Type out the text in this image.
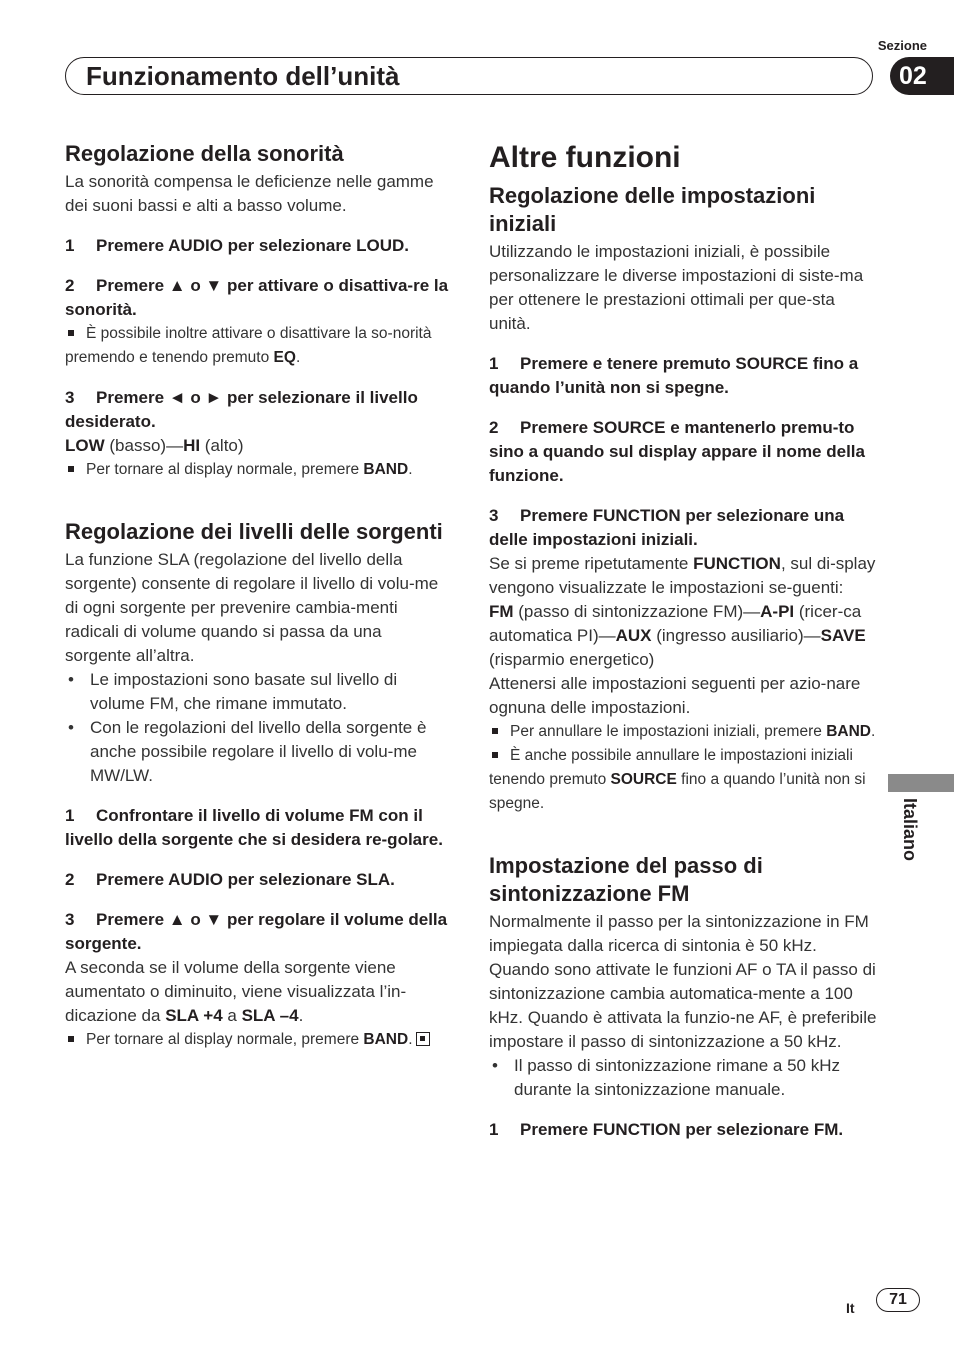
Sezione
Funzionamento dell’unità	02
Italiano
Regolazione della sonorità

La sonorità compensa le deficienze nelle gamme dei suoni bassi e alti a basso volume.

1 Premere AUDIO per selezionare LOUD.
2 Premere ▲ o ▼ per attivare o disattiva-re la sonorità.
È possibile inoltre attivare o disattivare la so-norità premendo e tenendo premuto EQ.
3 Premere ◄ o ► per selezionare il livello desiderato.

LOW (basso)—HI (alto)

Per tornare al display normale, premere BAND.
Regolazione dei livelli delle sorgenti

La funzione SLA (regolazione del livello della sorgente) consente di regolare il livello di volu-me di ogni sorgente per prevenire cambia-menti radicali di volume quando si passa da una sorgente all’altra.

• Le impostazioni sono basate sul livello di volume FM, che rimane immutato.
• Con le regolazioni del livello della sorgente è anche possibile regolare il livello di volu-me MW/LW.
1 Confrontare il livello di volume FM con il livello della sorgente che si desidera re-golare.
2 Premere AUDIO per selezionare SLA.
3 Premere ▲ o ▼ per regolare il volume della sorgente.

A seconda se il volume della sorgente viene aumentato o diminuito, viene visualizzata l’in-dicazione da SLA +4 a SLA –4.

Per tornare al display normale, premere BAND.
Altre funzioni
Regolazione delle impostazioni iniziali

Utilizzando le impostazioni iniziali, è possibile personalizzare le diverse impostazioni di siste-ma per ottenere le prestazioni ottimali per que-sta unità.

1 Premere e tenere premuto SOURCE fino a quando l’unità non si spegne.
2 Premere SOURCE e mantenerlo premu-to sino a quando sul display appare il nome della funzione.
3 Premere FUNCTION per selezionare una delle impostazioni iniziali.

Se si preme ripetutamente FUNCTION, sul di-splay vengono visualizzate le impostazioni se-guenti:

FM (passo di sintonizzazione FM)—A-PI (ricer-ca automatica PI)—AUX (ingresso ausiliario)—SAVE (risparmio energetico)

Attenersi alle impostazioni seguenti per azio-nare ognuna delle impostazioni.

Per annullare le impostazioni iniziali, premere BAND.
È anche possibile annullare le impostazioni iniziali tenendo premuto SOURCE fino a quando l’unità non si spegne.
Impostazione del passo di sintonizzazione FM

Normalmente il passo per la sintonizzazione in FM impiegata dalla ricerca di sintonia è 50 kHz. Quando sono attivate le funzioni AF o TA il passo di sintonizzazione cambia automatica-mente a 100 kHz. Quando è attivata la funzio-ne AF, è preferibile impostare il passo di sintonizzazione a 50 kHz.

• Il passo di sintonizzazione rimane a 50 kHz durante la sintonizzazione manuale.
1 Premere FUNCTION per selezionare FM.
It	71
